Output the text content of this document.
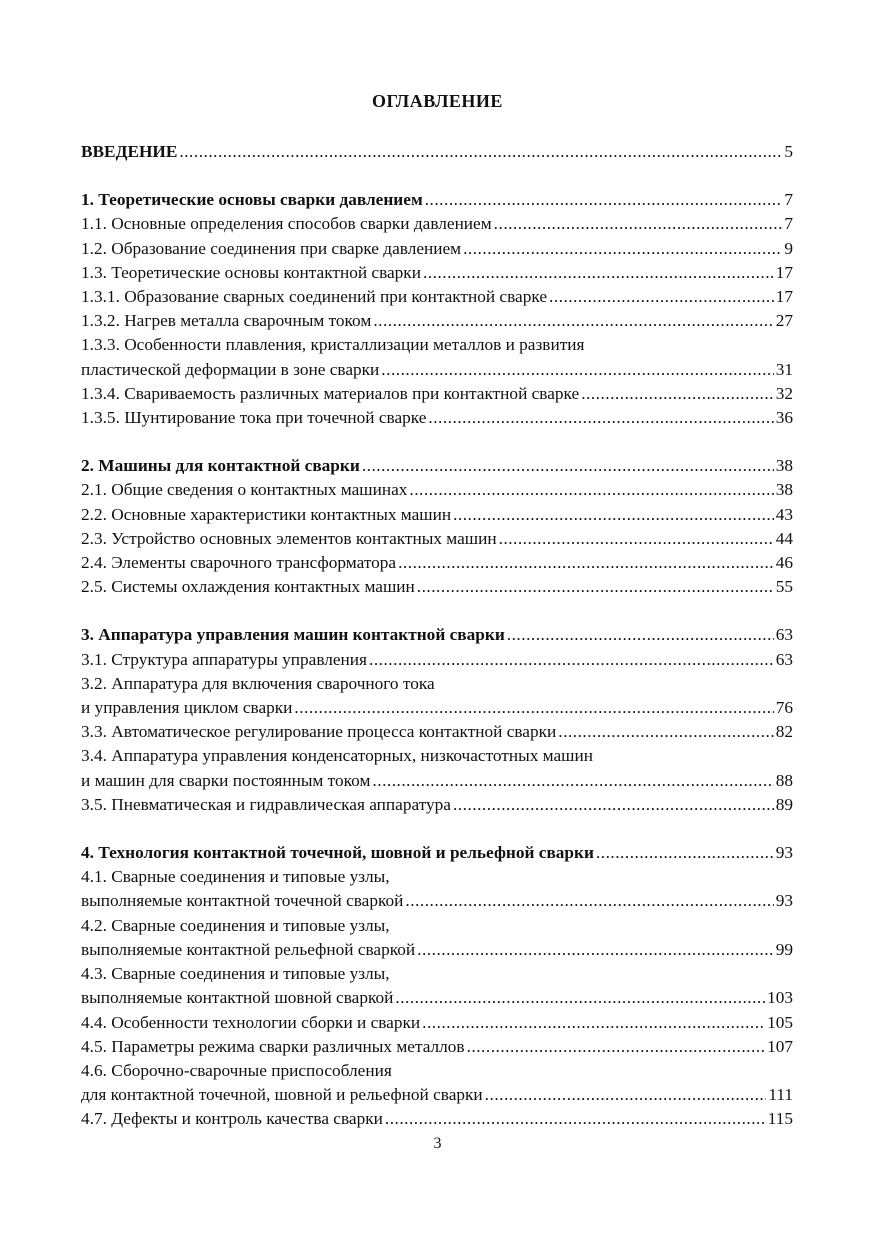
ОГЛАВЛЕНИЕ
ВВЕДЕНИЕ .....	5
1. Теоретические основы сварки давлением .....	7
1.1. Основные определения способов сварки давлением .....	7
1.2. Образование соединения при сварке давлением .....	9
1.3. Теоретические основы контактной сварки .....	17
1.3.1. Образование сварных соединений при контактной сварке .....	17
1.3.2. Нагрев металла сварочным током .....	27
1.3.3. Особенности плавления, кристаллизации металлов и развития
пластической деформации в зоне сварки .....	31
1.3.4. Свариваемость различных материалов при контактной сварке .....	32
1.3.5. Шунтирование тока при точечной сварке .....	36
2. Машины для контактной сварки .....	38
2.1. Общие сведения о контактных машинах .....	38
2.2. Основные характеристики контактных машин .....	43
2.3. Устройство основных элементов контактных машин .....	44
2.4. Элементы сварочного трансформатора .....	46
2.5. Системы охлаждения контактных машин .....	55
3. Аппаратура управления машин контактной сварки .....	63
3.1. Структура аппаратуры управления .....	63
3.2. Аппаратура для включения сварочного тока
и управления циклом сварки .....	76
3.3. Автоматическое регулирование процесса контактной сварки .....	82
3.4. Аппаратура управления конденсаторных, низкочастотных машин
и машин для сварки постоянным током .....	88
3.5. Пневматическая и гидравлическая аппаратура .....	89
4. Технология контактной точечной, шовной и рельефной сварки .....	93
4.1. Сварные соединения и типовые узлы,
выполняемые контактной точечной сваркой .....	93
4.2. Сварные соединения и типовые узлы,
выполняемые контактной рельефной сваркой .....	99
4.3. Сварные соединения и типовые узлы,
выполняемые контактной шовной сваркой .....	103
4.4. Особенности технологии сборки и сварки .....	105
4.5. Параметры режима сварки различных металлов .....	107
4.6. Сборочно-сварочные приспособления
для контактной точечной, шовной и рельефной сварки .....	111
4.7. Дефекты и контроль качества сварки .....	115
3
